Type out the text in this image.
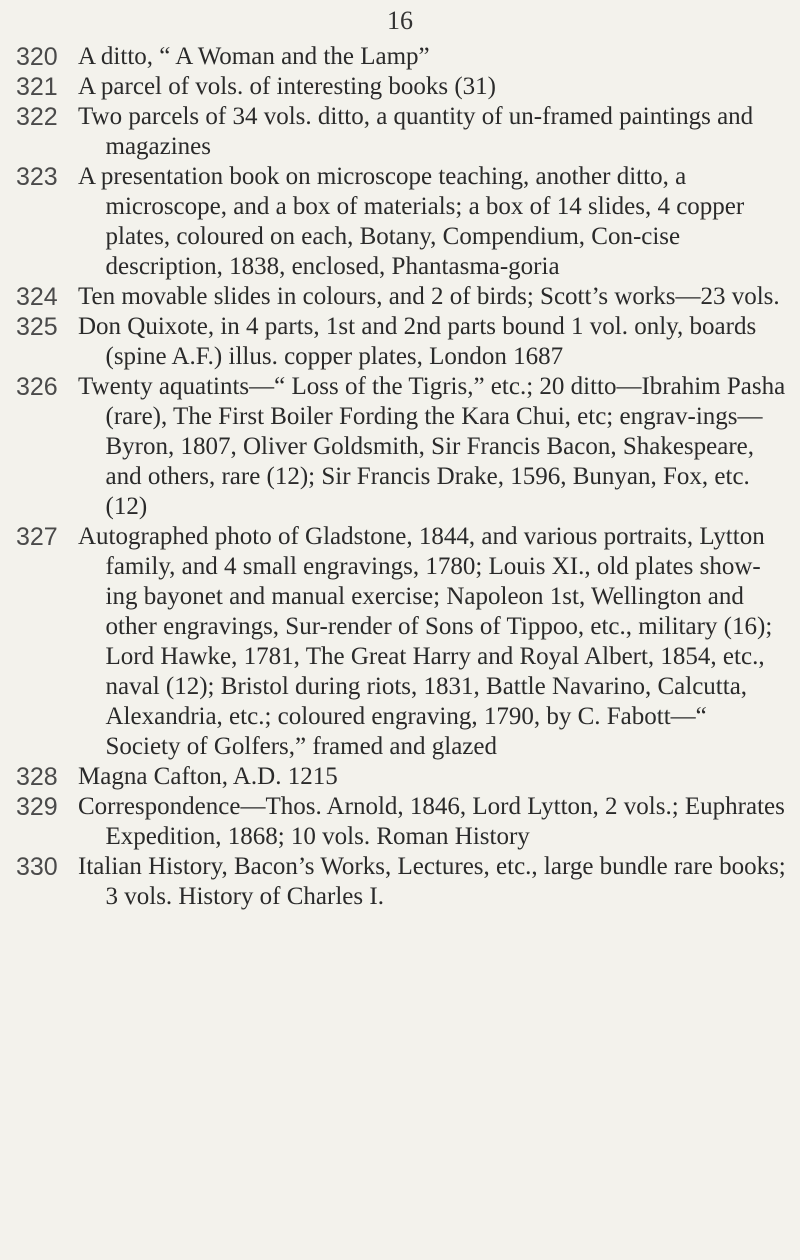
16
320 A ditto, “ A Woman and the Lamp”
321 A parcel of vols. of interesting books (31)
322 Two parcels of 34 vols. ditto, a quantity of un-framed paintings and magazines
323 A presentation book on microscope teaching, another ditto, a microscope, and a box of materials; a box of 14 slides, 4 copper plates, coloured on each, Botany, Compendium, Con-cise description, 1838, enclosed, Phantasma-goria
324 Ten movable slides in colours, and 2 of birds; Scott’s works—23 vols.
325 Don Quixote, in 4 parts, 1st and 2nd parts bound 1 vol. only, boards (spine A.F.) illus. copper plates, London 1687
326 Twenty aquatints—“ Loss of the Tigris,” etc.; 20 ditto—Ibrahim Pasha (rare), The First Boiler Fording the Kara Chui, etc; engrav-ings—Byron, 1807, Oliver Goldsmith, Sir Francis Bacon, Shakespeare, and others, rare (12); Sir Francis Drake, 1596, Bunyan, Fox, etc. (12)
327 Autographed photo of Gladstone, 1844, and various portraits, Lytton family, and 4 small engravings, 1780; Louis XI., old plates show-ing bayonet and manual exercise; Napoleon 1st, Wellington and other engravings, Sur-render of Sons of Tippoo, etc., military (16); Lord Hawke, 1781, The Great Harry and Royal Albert, 1854, etc., naval (12); Bristol during riots, 1831, Battle Navarino, Calcutta, Alexandria, etc.; coloured engraving, 1790, by C. Fabott—“ Society of Golfers,” framed and glazed
328 Magna Cafton, A.D. 1215
329 Correspondence—Thos. Arnold, 1846, Lord Lytton, 2 vols.; Euphrates Expedition, 1868; 10 vols. Roman History
330 Italian History, Bacon’s Works, Lectures, etc., large bundle rare books; 3 vols. History of Charles I.
